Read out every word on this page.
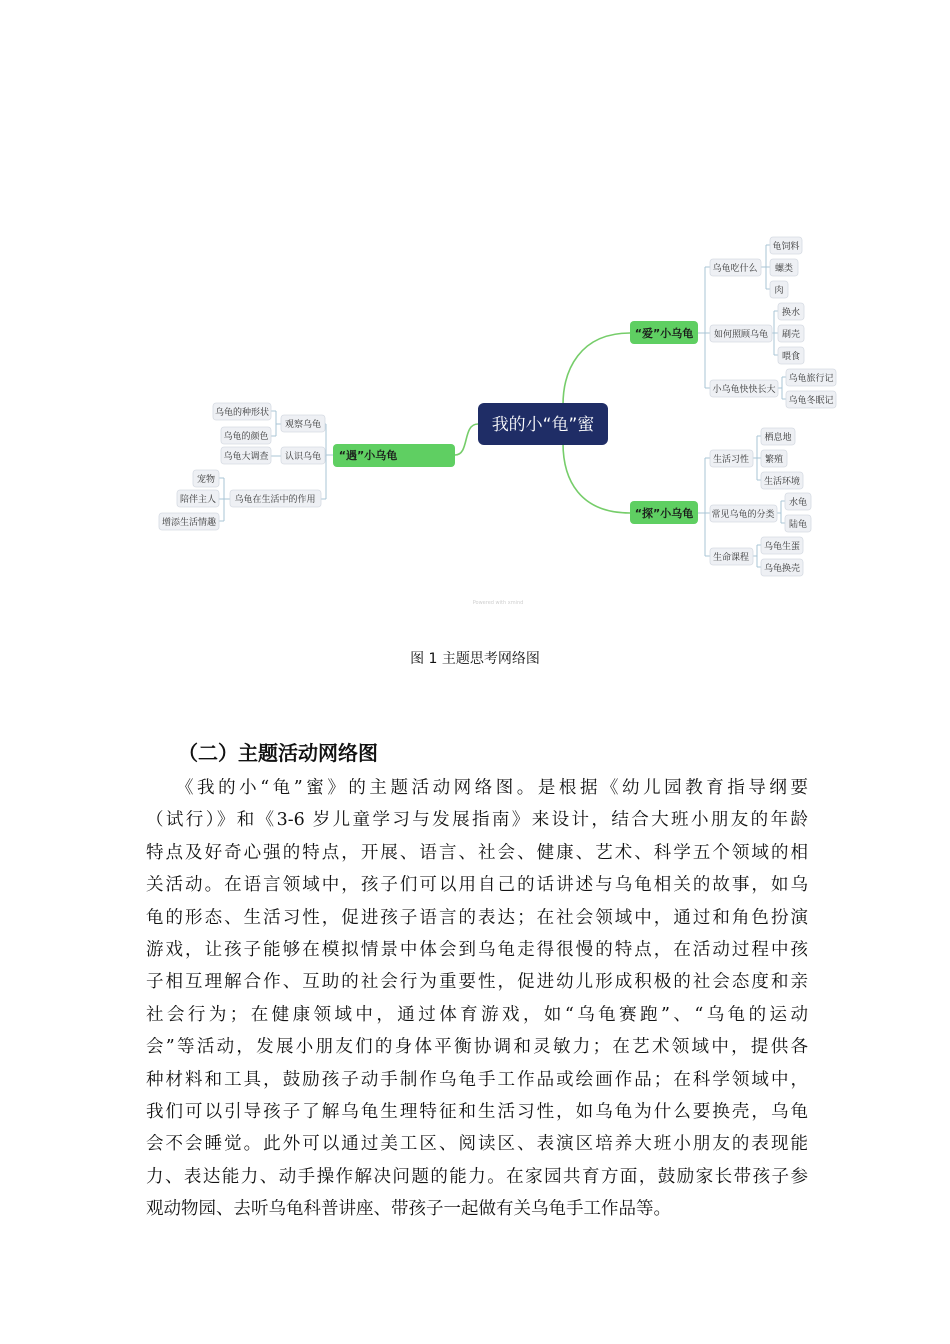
我的小“龟”蜜
“遇”小乌龟
观察乌龟
乌龟的种形状
乌龟的颜色
认识乌龟
乌龟大调查
乌龟在生活中的作用
宠物
陪伴主人
增添生活情趣
“爱”小乌龟
乌龟吃什么
龟饲料
螺类
肉
如何照顾乌龟
换水
刷壳
喂食
小乌龟快快长大
乌龟旅行记
乌龟冬眠记
“探”小乌龟
生活习性
栖息地
繁殖
生活环境
常见乌龟的分类
水龟
陆龟
生命课程
乌龟生蛋
乌龟换壳
Powered with xmind
图 1 主题思考网络图
（二）主题活动网络图
《我的小“龟”蜜》的主题活动网络图。是根据《幼儿园教育指导纲要
（试行）》和《3-6 岁儿童学习与发展指南》来设计，结合大班小朋友的年龄
特点及好奇心强的特点，开展、语言、社会、健康、艺术、科学五个领域的相
关活动。在语言领域中，孩子们可以用自己的话讲述与乌龟相关的故事，如乌
龟的形态、生活习性，促进孩子语言的表达；在社会领域中，通过和角色扮演
游戏，让孩子能够在模拟情景中体会到乌龟走得很慢的特点，在活动过程中孩
子相互理解合作、互助的社会行为重要性，促进幼儿形成积极的社会态度和亲
社会行为；在健康领域中，通过体育游戏，如“乌龟赛跑”、“乌龟的运动
会”等活动，发展小朋友们的身体平衡协调和灵敏力；在艺术领域中，提供各
种材料和工具，鼓励孩子动手制作乌龟手工作品或绘画作品；在科学领域中，
我们可以引导孩子了解乌龟生理特征和生活习性，如乌龟为什么要换壳，乌龟
会不会睡觉。此外可以通过美工区、阅读区、表演区培养大班小朋友的表现能
力、表达能力、动手操作解决问题的能力。在家园共育方面，鼓励家长带孩子参
观动物园、去听乌龟科普讲座、带孩子一起做有关乌龟手工作品等。
